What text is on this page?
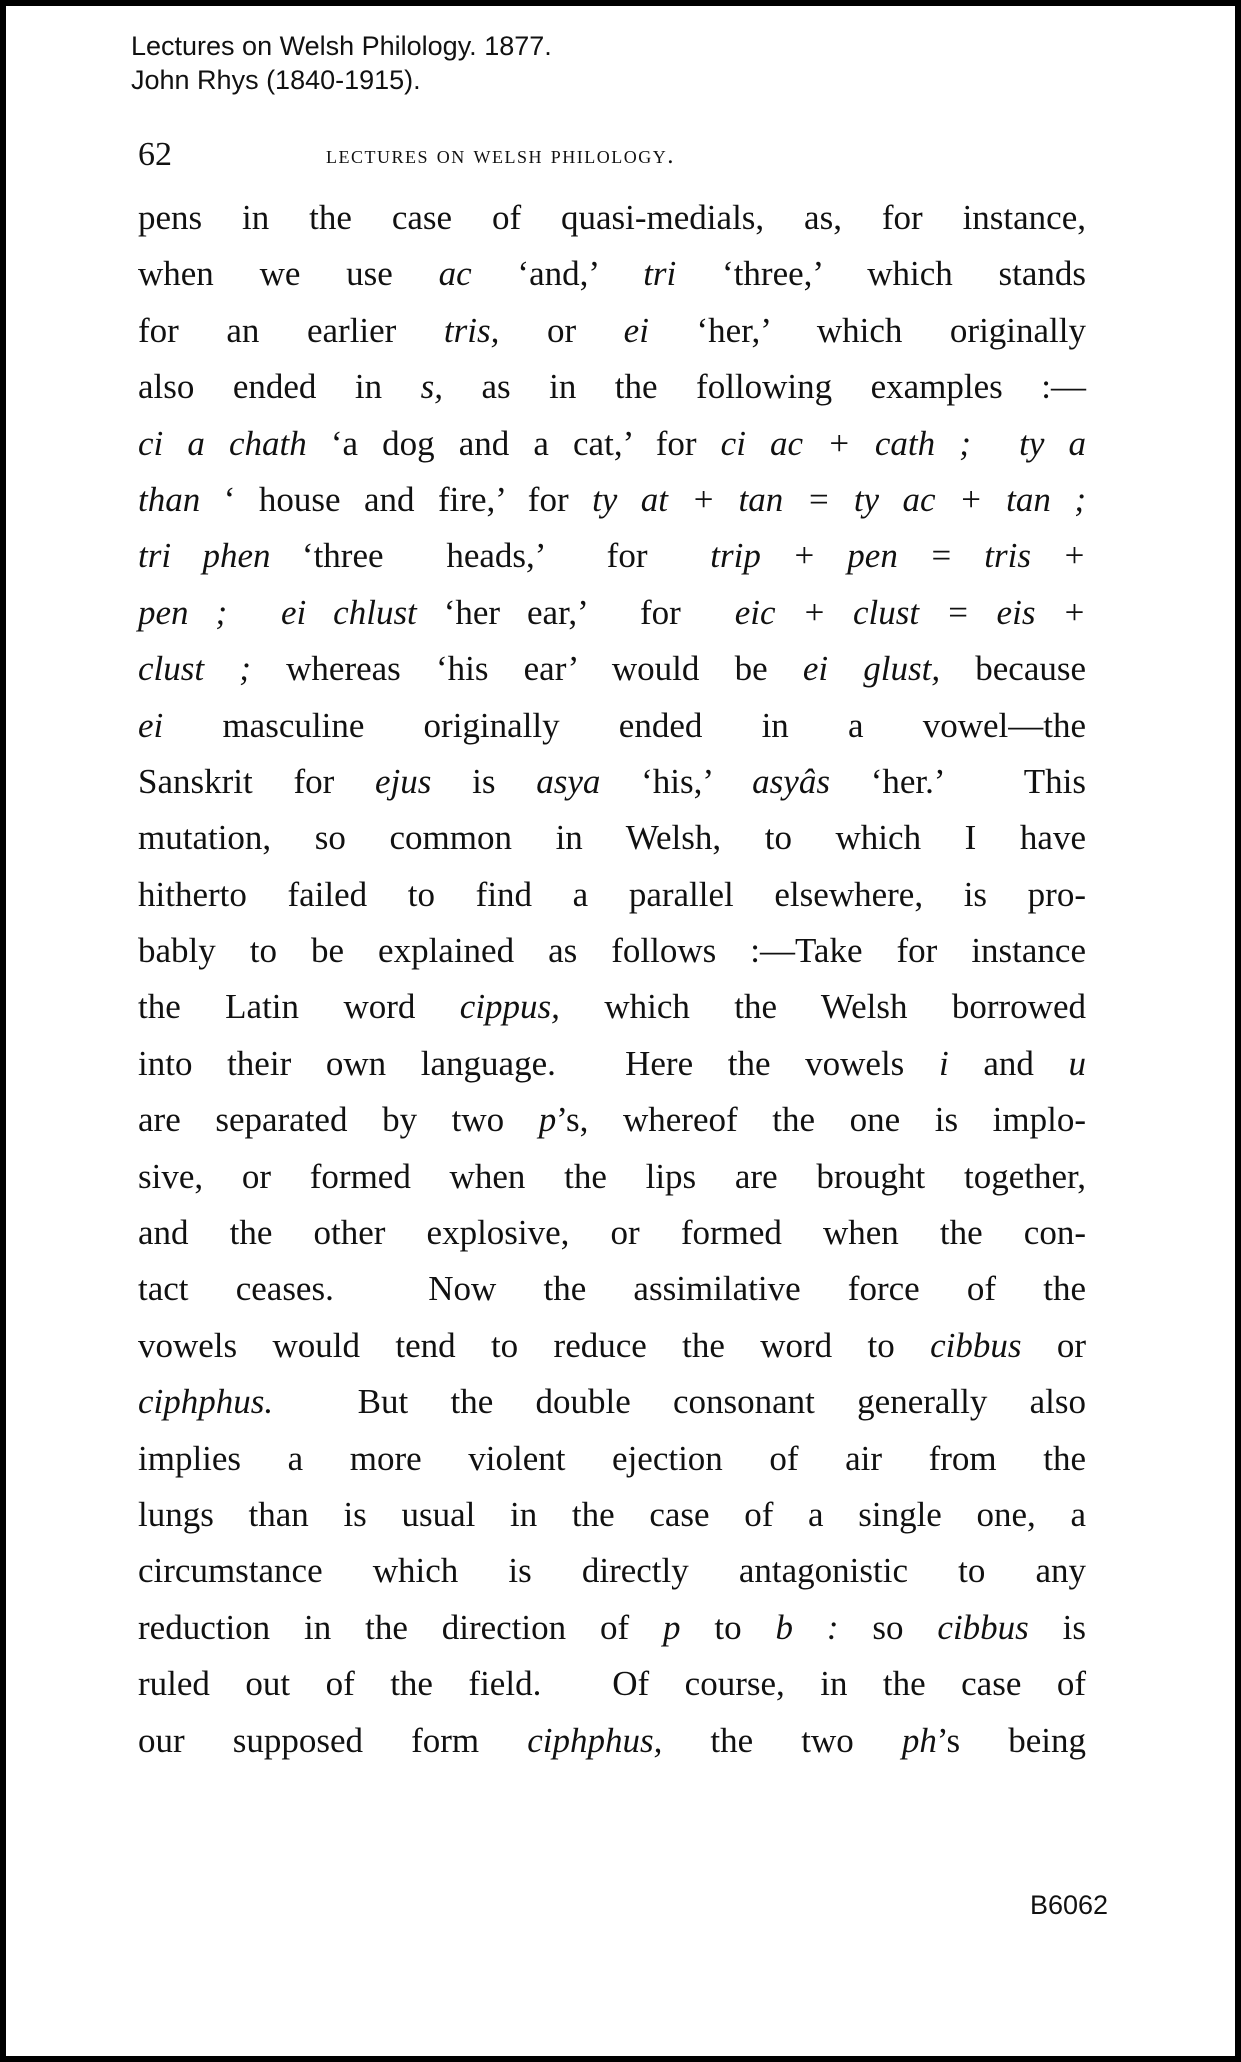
Lectures on Welsh Philology. 1877.
John Rhys (1840-1915).
62	lectures on welsh philology.
pens in the case of quasi-medials, as, for instance,
when we use ac ‘and,’ tri ‘three,’ which stands
for an earlier tris, or ei ‘her,’ which originally
also ended in s, as in the following examples :—
ci a chath ‘a dog and a cat,’ for ci ac + cath ;  ty a
than ‘ house and fire,’ for ty at + tan = ty ac + tan ;
tri phen ‘three  heads,’  for  trip + pen = tris +
pen ;  ei chlust ‘her ear,’  for  eic + clust = eis +
clust ; whereas ‘his ear’ would be ei glust, because
ei masculine originally ended in a vowel—the
Sanskrit for ejus is asya ‘his,’ asyâs ‘her.’  This
mutation, so common in Welsh, to which I have
hitherto failed to find a parallel elsewhere, is pro-
bably to be explained as follows :—Take for instance
the Latin word cippus, which the Welsh borrowed
into their own language.  Here the vowels i and u
are separated by two p’s, whereof the one is implo-
sive, or formed when the lips are brought together,
and the other explosive, or formed when the con-
tact ceases.  Now the assimilative force of the
vowels would tend to reduce the word to cibbus or
ciphphus.  But the double consonant generally also
implies a more violent ejection of air from the
lungs than is usual in the case of a single one, a
circumstance which is directly antagonistic to any
reduction in the direction of p to b : so cibbus is
ruled out of the field.  Of course, in the case of
our supposed form ciphphus, the two ph’s being
B6062
